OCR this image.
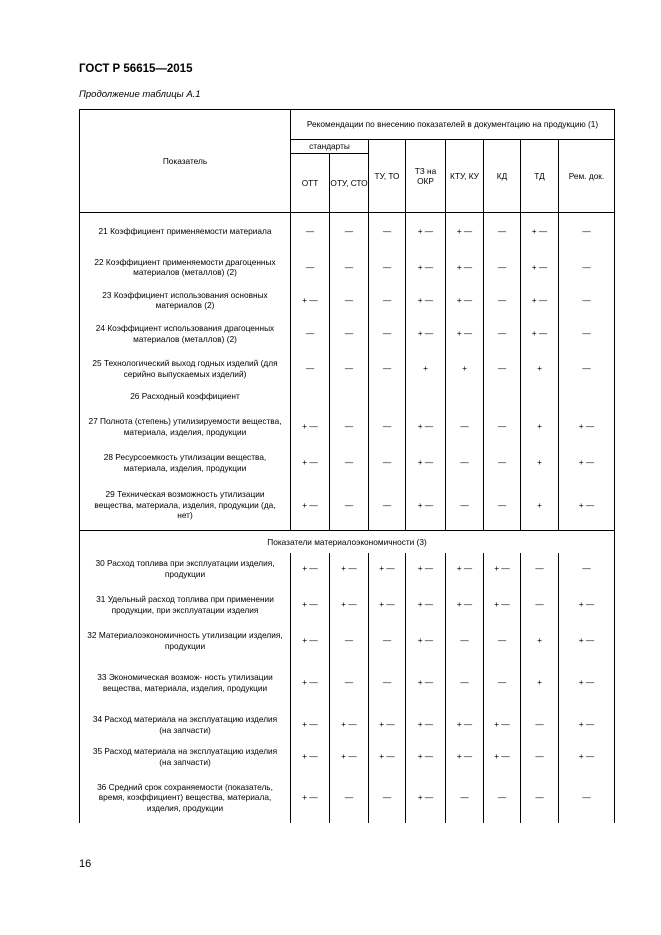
ГОСТ Р 56615—2015
Продолжение таблицы А.1
Показатель	Рекомендации по внесению показателей в документацию на продукцию (1)							
	стандарты		ТУ, ТО	ТЗ на ОКР	КТУ, КУ	КД	ТД	Рем. док.
	ОТТ	ОТУ, СТО						
21 Коэффициент применяемости материала	—	—	—	+ —	+ —	—	+ —	—
22 Коэффициент применяемости драгоценных материалов (металлов) (2)	—	—	—	+ —	+ —	—	+ —	—
23 Коэффициент использования основных материалов (2)	+ —	—	—	+ —	+ —	—	+ —	—
24 Коэффициент использования драгоценных материалов (металлов) (2)	—	—	—	+ —	+ —	—	+ —	—
25 Технологический выход годных изделий (для серийно выпускаемых изделий)	—	—	—	+	+	—	+	—
26 Расходный коэффициент								
27 Полнота (степень) утилизируемости вещества, материала, изделия, продукции	+ —	—	—	+ —	—	—	+	+ —
28 Ресурсоемкость утилизации вещества, материала, изделия, продукции	+ —	—	—	+ —	—	—	+	+ —
29 Техническая возможность утилизации вещества, материала, изделия, продукции (да, нет)	+ —	—	—	+ —	—	—	+	+ —
Показатели материалоэкономичности (3)								
30 Расход топлива при эксплуатации изделия, продукции	+ —	+ —	+ —	+ —	+ —	+ —	—	—
31 Удельный расход топлива при применении продукции, при эксплуатации изделия	+ —	+ —	+ —	+ —	+ —	+ —	—	+ —
32 Материалоэкономичность утилизации изделия, продукции	+ —	—	—	+ —	—	—	+	+ —
33 Экономическая возмож- ность утилизации вещества, материала, изделия, продукции	+ —	—	—	+ —	—	—	+	+ —
34 Расход материала на эксплуатацию изделия (на запчасти)	+ —	+ —	+ —	+ —	+ —	+ —	—	+ —
35 Расход материала на эксплуатацию изделия (на запчасти)	+ —	+ —	+ —	+ —	+ —	+ —	—	+ —
36 Средний срок сохраняемости (показатель, время, коэффициент) вещества, материала, изделия, продукции	+ —	—	—	+ —	—	—	—	—
16
